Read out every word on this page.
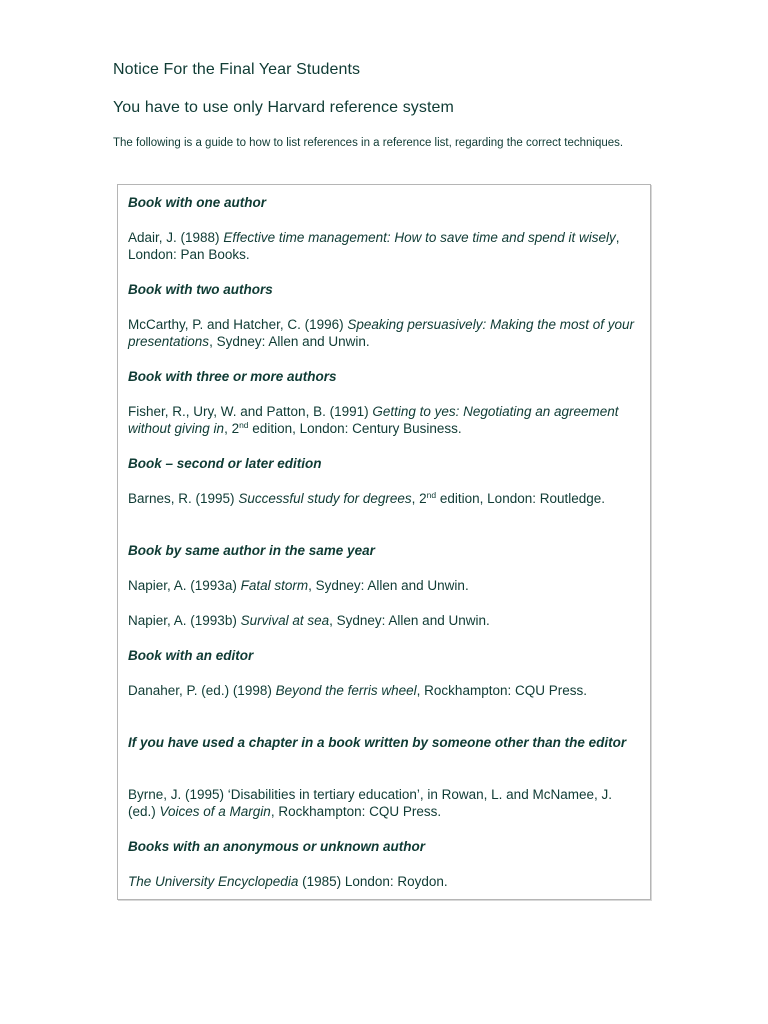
Notice For the Final Year Students
You have to use only Harvard reference system

The following is a guide to how to list references in a reference list, regarding the correct techniques.

Book with one author

Adair, J. (1988) Effective time management: How to save time and spend it wisely, London: Pan Books.

Book with two authors

McCarthy, P. and Hatcher, C. (1996) Speaking persuasively: Making the most of your presentations, Sydney: Allen and Unwin.

Book with three or more authors

Fisher, R., Ury, W. and Patton, B. (1991) Getting to yes: Negotiating an agreement without giving in, 2nd edition, London: Century Business.

Book – second or later edition

Barnes, R. (1995) Successful study for degrees, 2nd edition, London: Routledge.

Book by same author in the same year

Napier, A. (1993a) Fatal storm, Sydney: Allen and Unwin.

Napier, A. (1993b) Survival at sea, Sydney: Allen and Unwin.

Book with an editor

Danaher, P. (ed.) (1998) Beyond the ferris wheel, Rockhampton: CQU Press.

If you have used a chapter in a book written by someone other than the editor

Byrne, J. (1995) ‘Disabilities in tertiary education’, in Rowan, L. and McNamee, J. (ed.) Voices of a Margin, Rockhampton: CQU Press.

Books with an anonymous or unknown author

The University Encyclopedia (1985) London: Roydon.
